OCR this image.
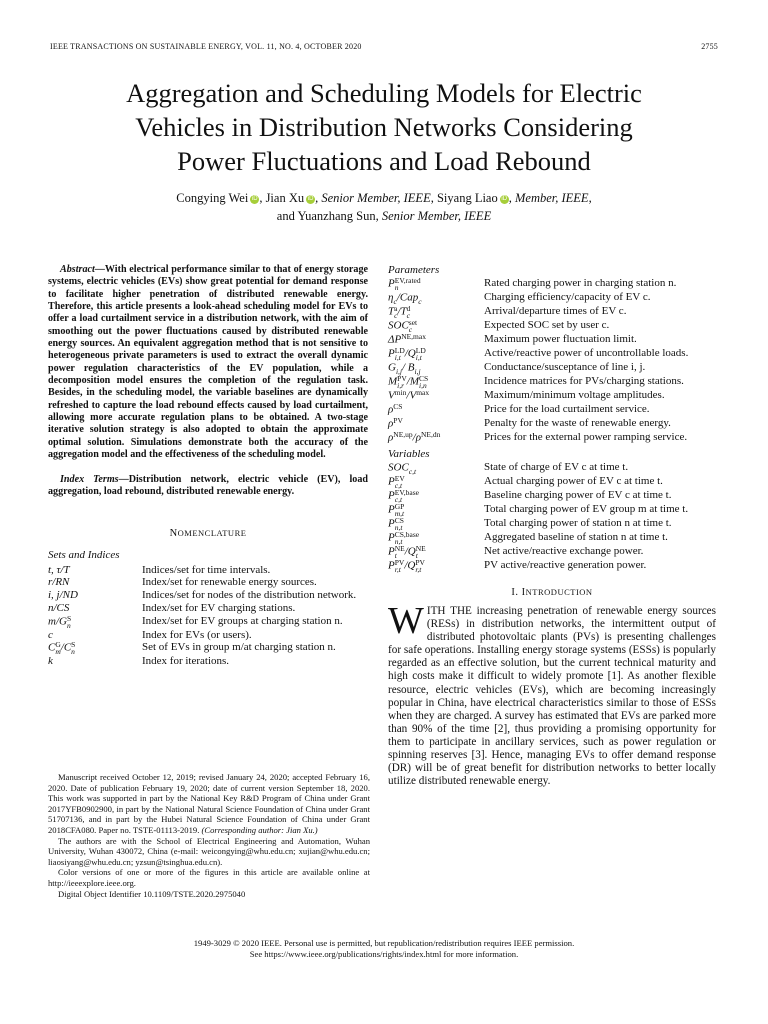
IEEE TRANSACTIONS ON SUSTAINABLE ENERGY, VOL. 11, NO. 4, OCTOBER 2020	2755
Aggregation and Scheduling Models for Electric
Vehicles in Distribution Networks Considering
Power Fluctuations and Load Rebound
Congying Wei iD , Jian Xu iD , Senior Member, IEEE, Siyang Liao iD , Member, IEEE,
and Yuanzhang Sun, Senior Member, IEEE

Abstract—With electrical performance similar to that of energy storage systems, electric vehicles (EVs) show great potential for demand response to facilitate higher penetration of distributed renewable energy. Therefore, this article presents a look-ahead scheduling model for EVs to offer a load curtailment service in a distribution network, with the aim of smoothing out the power fluctuations caused by distributed renewable energy sources. An equivalent aggregation method that is not sensitive to heterogeneous private parameters is used to extract the overall dynamic power regulation characteristics of the EV population, while a decomposition model ensures the completion of the regulation task. Besides, in the scheduling model, the variable baselines are dynamically refreshed to capture the load rebound effects caused by load curtailment, allowing more accurate regulation plans to be obtained. A two-stage iterative solution strategy is also adopted to obtain the approximate optimal solution. Simulations demonstrate both the accuracy of the aggregation model and the effectiveness of the scheduling model.

Index Terms—Distribution network, electric vehicle (EV), load aggregation, load rebound, distributed renewable energy.

NOMENCLATURE

Sets and Indices
t, τ/T	Indices/set for time intervals.
r/RN	Index/set for renewable energy sources.
i, j/ND	Indices/set for nodes of the distribution network.
n/CS	Index/set for EV charging stations.
m/G S
n	Index/set for EV groups at charging station n.
c	Index for EVs (or users).
C G
m /C S
n	Set of EVs in group m/at charging station n.
k	Index for iterations.
Parameters
P EV,rated
n	Rated charging power in charging station n.
η
c /Cap
c	Charging efficiency/capacity of EV c.
T a
c /T d
c	Arrival/departure times of EV c.
SOC set
c	Expected SOC set by user c.
ΔP NE,max
	Maximum power fluctuation limit.
P LD
i,t /Q LD
i,t	Active/reactive power of uncontrollable loads.
G
i,j / B
i,j	Conductance/susceptance of line i, j.
M PV
i,r /M CS
i,n	Incidence matrices for PVs/charging stations.
V min
/V max
	Maximum/minimum voltage amplitudes.
ρ CS
	Price for the load curtailment service.
ρ PV
	Penalty for the waste of renewable energy.
ρ NE,up
/ρ NE,dn
	Prices for the external power ramping service.
Variables
SOC
c,t	State of charge of EV c at time t.
P EV
c,t	Actual charging power of EV c at time t.
P EV,base
c,t	Baseline charging power of EV c at time t.
P GP
m,t	Total charging power of EV group m at time t.
P CS
n,t	Total charging power of station n at time t.
P CS,base
n,t	Aggregated baseline of station n at time t.
P NE
t /Q NE
t	Net active/reactive exchange power.
P PV
r,t /Q PV
r,t	PV active/reactive generation power.

I. INTRODUCTION

WITH THE increasing penetration of renewable energy sources (RESs) in distribution networks, the intermittent output of distributed photovoltaic plants (PVs) is presenting challenges for safe operations. Installing energy storage systems (ESSs) is popularly regarded as an effective solution, but the current technical maturity and high costs make it difficult to widely promote [1]. As another flexible resource, electric vehicles (EVs), which are becoming increasingly popular in China, have electrical characteristics similar to those of ESSs when they are charged. A survey has estimated that EVs are parked more than 90% of the time [2], thus providing a promising opportunity for them to participate in ancillary services, such as power regulation or spinning reserves [3]. Hence, managing EVs to offer demand response (DR) will be of great benefit for distribution networks to better locally utilize distributed renewable energy.

Manuscript received October 12, 2019; revised January 24, 2020; accepted February 16, 2020. Date of publication February 19, 2020; date of current version September 18, 2020. This work was supported in part by the National Key R&D Program of China under Grant 2017YFB0902900, in part by the National Natural Science Foundation of China under Grant 51707136, and in part by the Hubei Natural Science Foundation of China under Grant 2018CFA080. Paper no. TSTE-01113-2019. (Corresponding author: Jian Xu.)

The authors are with the School of Electrical Engineering and Automation, Wuhan University, Wuhan 430072, China (e-mail: weicongying@whu.edu.cn; xujian@whu.edu.cn; liaosiyang@whu.edu.cn; yzsun@tsinghua.edu.cn).

Color versions of one or more of the figures in this article are available online at http://ieeexplore.ieee.org.

Digital Object Identifier 10.1109/TSTE.2020.2975040

1949-3029 © 2020 IEEE. Personal use is permitted, but republication/redistribution requires IEEE permission.
See https://www.ieee.org/publications/rights/index.html for more information.
